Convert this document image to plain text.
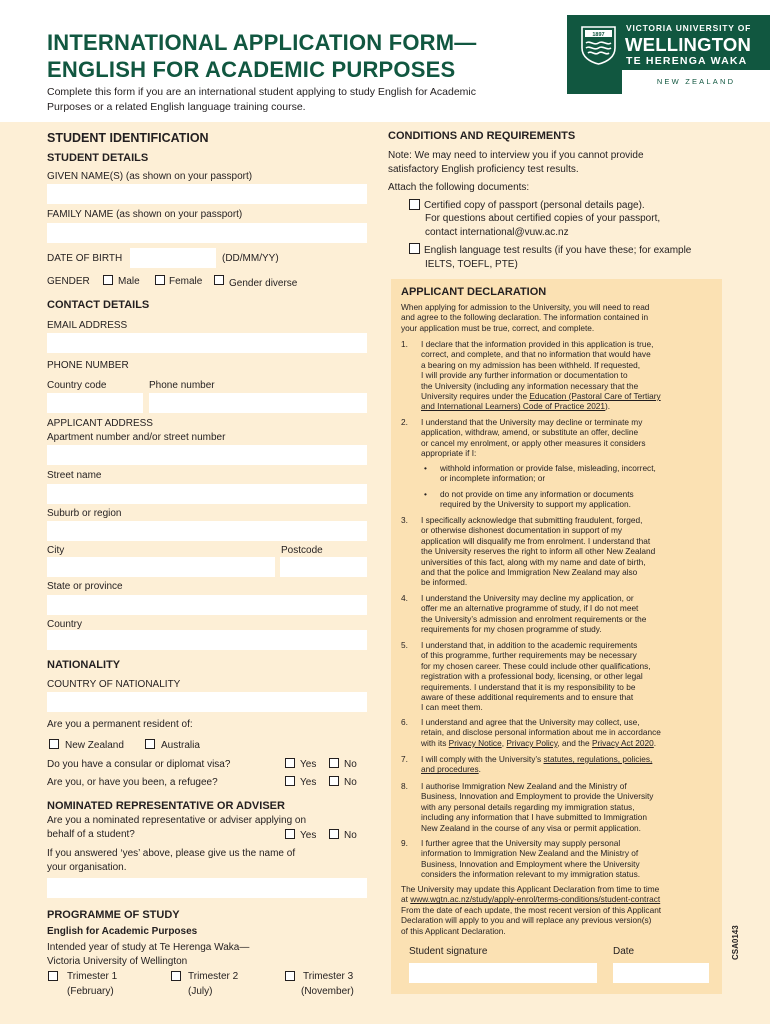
INTERNATIONAL APPLICATION FORM—
ENGLISH FOR ACADEMIC PURPOSES
Complete this form if you are an international student applying to study English for Academic
Purposes or a related English language training course.
1897
VICTORIA UNIVERSITY OF
WELLINGTON
TE HERENGA WAKA
NEW ZEALAND
STUDENT IDENTIFICATION
STUDENT DETAILS
GIVEN NAME(S) (as shown on your passport)
FAMILY NAME (as shown on your passport)
DATE OF BIRTH	(DD/MM/YY)
GENDER	Male	Female	Gender diverse
CONTACT DETAILS
EMAIL ADDRESS
PHONE NUMBER
Country code	Phone number
APPLICANT ADDRESS
Apartment number and/or street number
Street name
Suburb or region
City	Postcode
State or province
Country
NATIONALITY
COUNTRY OF NATIONALITY
Are you a permanent resident of:
New Zealand	Australia
Do you have a consular or diplomat visa?	Yes	No
Are you, or have you been, a refugee?	Yes	No
NOMINATED REPRESENTATIVE OR ADVISER
Are you a nominated representative or adviser applying on
behalf of a student?	Yes	No
If you answered ‘yes’ above, please give us the name of
your organisation.
PROGRAMME OF STUDY
English for Academic Purposes
Intended year of study at Te Herenga Waka—
Victoria University of Wellington
Trimester 1
(February)
Trimester 2
(July)
Trimester 3
(November)
CONDITIONS AND REQUIREMENTS
Note: We may need to interview you if you cannot provide
satisfactory English proficiency test results.
Attach the following documents:
Certified copy of passport (personal details page).
For questions about certified copies of your passport,
contact international@vuw.ac.nz
English language test results (if you have these; for example
IELTS, TOEFL, PTE)
APPLICANT DECLARATION
When applying for admission to the University, you will need to read
and agree to the following declaration. The information contained in
your application must be true, correct, and complete.
1. I declare that the information provided in this application is true,
correct, and complete, and that no information that would have
a bearing on my admission has been withheld. If requested,
I will provide any further information or documentation to
the University (including any information necessary that the
University requires under the Education (Pastoral Care of Tertiary
and International Learners) Code of Practice 2021).
2. I understand that the University may decline or terminate my
application, withdraw, amend, or substitute an offer, decline
or cancel my enrolment, or apply other measures it considers
appropriate if I:
• withhold information or provide false, misleading, incorrect,
or incomplete information; or
• do not provide on time any information or documents
required by the University to support my application.
3. I specifically acknowledge that submitting fraudulent, forged,
or otherwise dishonest documentation in support of my
application will disqualify me from enrolment. I understand that
the University reserves the right to inform all other New Zealand
universities of this fact, along with my name and date of birth,
and that the police and Immigration New Zealand may also
be informed.
4. I understand the University may decline my application, or
offer me an alternative programme of study, if I do not meet
the University’s admission and enrolment requirements or the
requirements for my chosen programme of study.
5. I understand that, in addition to the academic requirements
of this programme, further requirements may be necessary
for my chosen career. These could include other qualifications,
registration with a professional body, licensing, or other legal
requirements. I understand that it is my responsibility to be
aware of these additional requirements and to ensure that
I can meet them.
6. I understand and agree that the University may collect, use,
retain, and disclose personal information about me in accordance
with its Privacy Notice, Privacy Policy, and the Privacy Act 2020.
7. I will comply with the University’s statutes, regulations, policies,
and procedures.
8. I authorise Immigration New Zealand and the Ministry of
Business, Innovation and Employment to provide the University
with any personal details regarding my immigration status,
including any information that I have submitted to Immigration
New Zealand in the course of any visa or permit application.
9. I further agree that the University may supply personal
information to Immigration New Zealand and the Ministry of
Business, Innovation and Employment where the University
considers the information relevant to my immigration status.
The University may update this Applicant Declaration from time to time
at www.wgtn.ac.nz/study/apply-enrol/terms-conditions/student-contract
From the date of each update, the most recent version of this Applicant
Declaration will apply to you and will replace any previous version(s)
of this Applicant Declaration.
Student signature	Date	CSA0143
